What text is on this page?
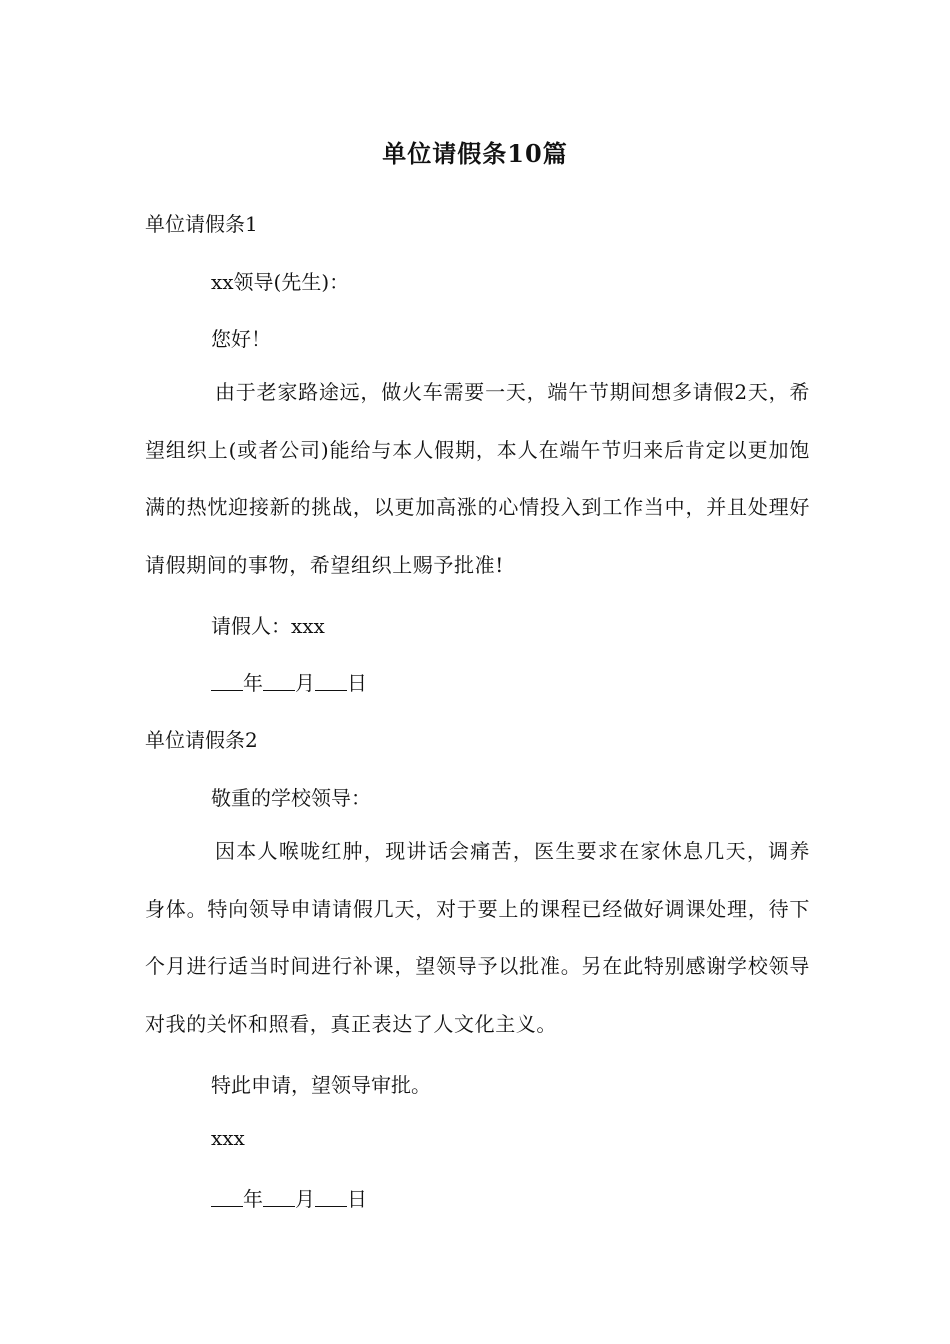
单位请假条10篇
单位请假条1
xx领导(先生)：
您好！
由于老家路途远，做火车需要一天，端午节期间想多请假2天，希望组织上(或者公司)能给与本人假期，本人在端午节归来后肯定以更加饱满的热忱迎接新的挑战，以更加高涨的心情投入到工作当中，并且处理好请假期间的事物，希望组织上赐予批准!
请假人：xxx
年 月 日
单位请假条2
敬重的学校领导：
因本人喉咙红肿，现讲话会痛苦，医生要求在家休息几天，调养身体。特向领导申请请假几天，对于要上的课程已经做好调课处理，待下个月进行适当时间进行补课，望领导予以批准。另在此特别感谢学校领导对我的关怀和照看，真正表达了人文化主义。
特此申请，望领导审批。
xxx
年 月 日
